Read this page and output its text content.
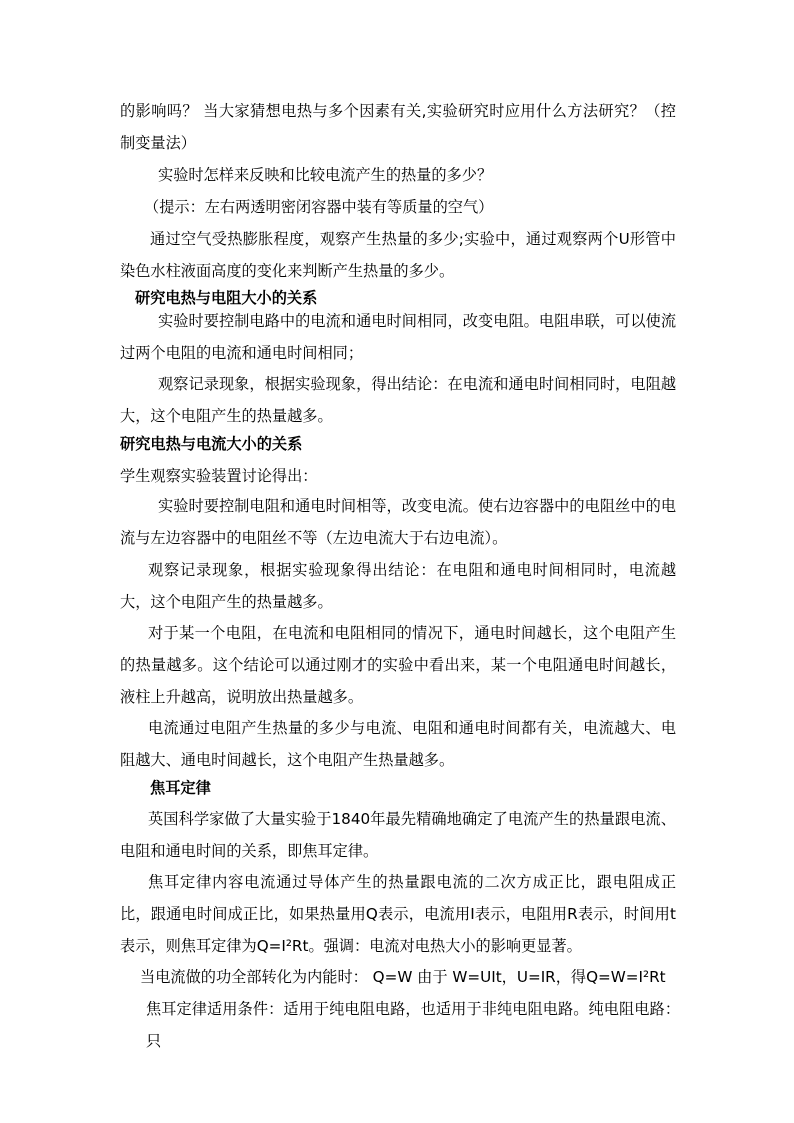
的影响吗？ 当大家猜想电热与多个因素有关,实验研究时应用什么方法研究？（控制变量法）

实验时怎样来反映和比较电流产生的热量的多少？

（提示：左右两透明密闭容器中装有等质量的空气）

通过空气受热膨胀程度，观察产生热量的多少;实验中，通过观察两个U形管中染色水柱液面高度的变化来判断产生热量的多少。

研究电热与电阻大小的关系

实验时要控制电路中的电流和通电时间相同，改变电阻。电阻串联，可以使流过两个电阻的电流和通电时间相同；

观察记录现象，根据实验现象，得出结论：在电流和通电时间相同时，电阻越大，这个电阻产生的热量越多。

研究电热与电流大小的关系

学生观察实验装置讨论得出：

实验时要控制电阻和通电时间相等，改变电流。使右边容器中的电阻丝中的电流与左边容器中的电阻丝不等（左边电流大于右边电流）。

观察记录现象，根据实验现象得出结论：在电阻和通电时间相同时，电流越大，这个电阻产生的热量越多。

对于某一个电阻，在电流和电阻相同的情况下，通电时间越长，这个电阻产生的热量越多。这个结论可以通过刚才的实验中看出来，某一个电阻通电时间越长，液柱上升越高，说明放出热量越多。

电流通过电阻产生热量的多少与电流、电阻和通电时间都有关，电流越大、电阻越大、通电时间越长，这个电阻产生热量越多。

焦耳定律

英国科学家做了大量实验于1840年最先精确地确定了电流产生的热量跟电流、电阻和通电时间的关系，即焦耳定律。

焦耳定律内容电流通过导体产生的热量跟电流的二次方成正比，跟电阻成正比，跟通电时间成正比，如果热量用Q表示，电流用I表示，电阻用R表示，时间用t表示，则焦耳定律为Q=I²Rt。强调：电流对电热大小的影响更显著。

当电流做的功全部转化为内能时： Q=W 由于 W=UIt，U=IR，得Q=W=I²Rt

焦耳定律适用条件：适用于纯电阻电路，也适用于非纯电阻电路。纯电阻电路：只
